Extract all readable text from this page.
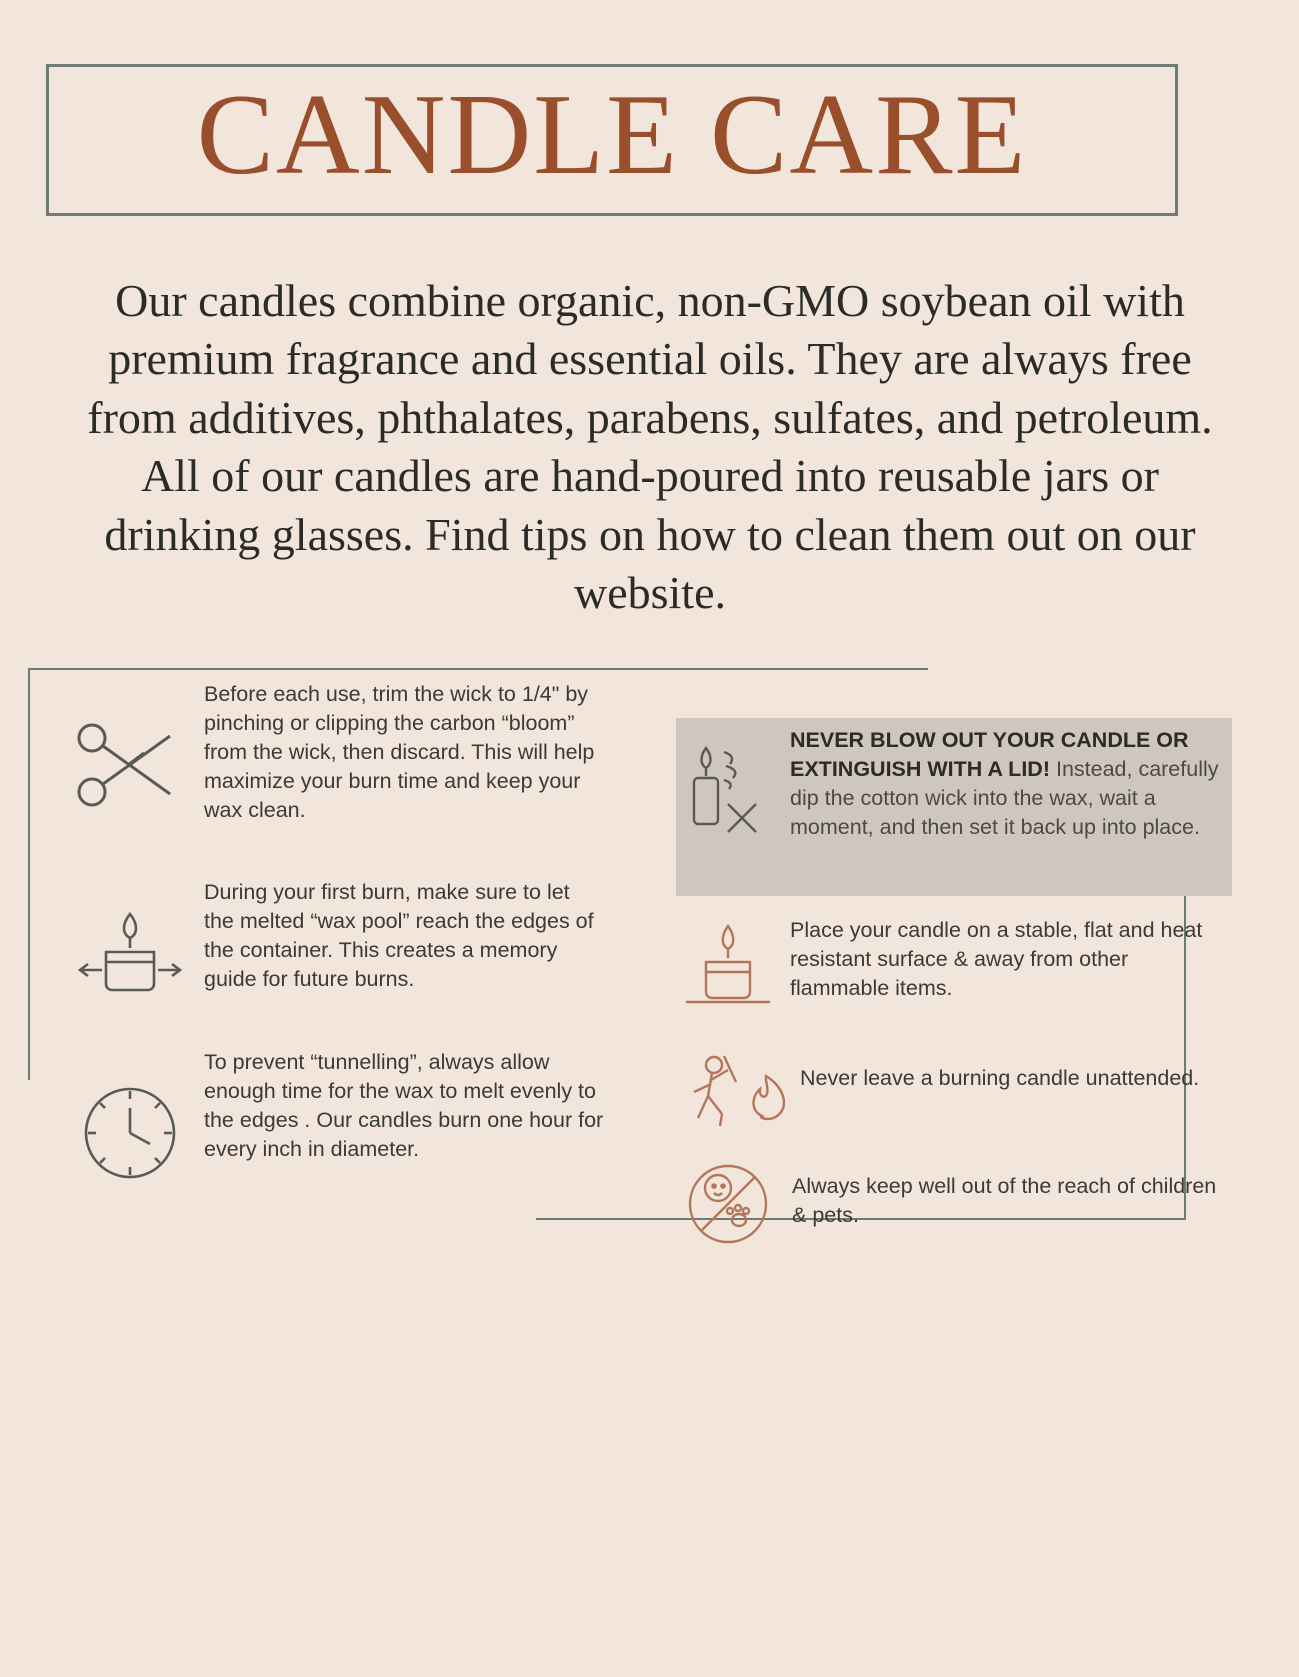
CANDLE CARE
Our candles combine organic, non-GMO soybean oil with premium fragrance and essential oils. They are always free from additives, phthalates, parabens, sulfates, and petroleum. All of our candles are hand-poured into reusable jars or drinking glasses. Find tips on how to clean them out on our website.
Before each use, trim the wick to 1/4" by pinching or clipping the carbon “bloom” from the wick, then discard. This will help maximize your burn time and keep your wax clean.
During your first burn, make sure to let the melted “wax pool” reach the edges of the container. This creates a memory guide for future burns.
To prevent “tunnelling”, always allow enough time for the wax to melt evenly to the edges . Our candles burn one hour for every inch in diameter.
NEVER BLOW OUT YOUR CANDLE OR EXTINGUISH WITH A LID! Instead, carefully dip the cotton wick into the wax, wait a moment, and then set it back up into place.
Place your candle on a stable, flat and heat resistant surface & away from other flammable items.
Never leave a burning candle unattended.
Always keep well out of the reach of children & pets.
